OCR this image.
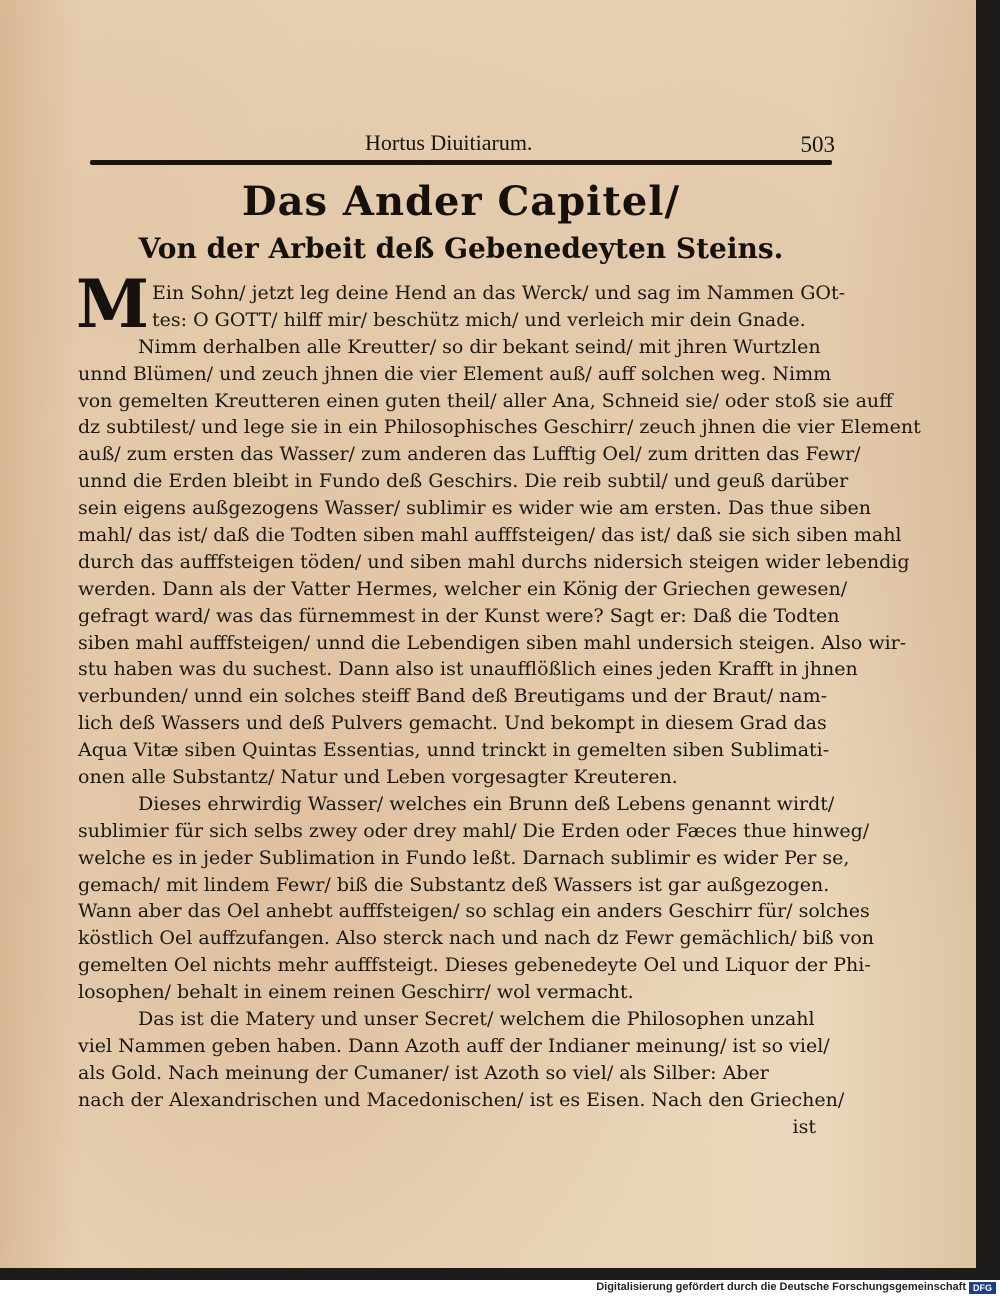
Hortus Diuitiarum.	503
Das Ander Capitel/
Von der Arbeit deß Gebenedeyten Steins.
M Ein Sohn/ jetzt leg deine Hend an das Werck/ und sag im Nammen GOt-
tes: O GOTT/ hilff mir/ beschütz mich/ und verleich mir dein Gnade.
Nimm derhalben alle Kreutter/ so dir bekant seind/ mit jhren Wurtzlen
unnd Blümen/ und zeuch jhnen die vier Element auß/ auff solchen weg. Nimm
von gemelten Kreutteren einen guten theil/ aller Ana, Schneid sie/ oder stoß sie auff
dz subtilest/ und lege sie in ein Philosophisches Geschirr/ zeuch jhnen die vier Element
auß/ zum ersten das Wasser/ zum anderen das Lufftig Oel/ zum dritten das Fewr/
unnd die Erden bleibt in Fundo deß Geschirs. Die reib subtil/ und geuß darüber
sein eigens außgezogens Wasser/ sublimir es wider wie am ersten. Das thue siben
mahl/ das ist/ daß die Todten siben mahl aufffsteigen/ das ist/ daß sie sich siben mahl
durch das aufffsteigen töden/ und siben mahl durchs nidersich steigen wider lebendig
werden. Dann als der Vatter Hermes, welcher ein König der Griechen gewesen/
gefragt ward/ was das fürnemmest in der Kunst were? Sagt er: Daß die Todten
siben mahl aufffsteigen/ unnd die Lebendigen siben mahl undersich steigen. Also wir-
stu haben was du suchest. Dann also ist unaufflößlich eines jeden Krafft in jhnen
verbunden/ unnd ein solches steiff Band deß Breutigams und der Braut/ nam-
lich deß Wassers und deß Pulvers gemacht. Und bekompt in diesem Grad das
Aqua Vitæ siben Quintas Essentias, unnd trinckt in gemelten siben Sublimati-
onen alle Substantz/ Natur und Leben vorgesagter Kreuteren.
Dieses ehrwirdig Wasser/ welches ein Brunn deß Lebens genannt wirdt/
sublimier für sich selbs zwey oder drey mahl/ Die Erden oder Fæces thue hinweg/
welche es in jeder Sublimation in Fundo leßt. Darnach sublimir es wider Per se,
gemach/ mit lindem Fewr/ biß die Substantz deß Wassers ist gar außgezogen.
Wann aber das Oel anhebt aufffsteigen/ so schlag ein anders Geschirr für/ solches
köstlich Oel auffzufangen. Also sterck nach und nach dz Fewr gemächlich/ biß von
gemelten Oel nichts mehr aufffsteigt. Dieses gebenedeyte Oel und Liquor der Phi-
losophen/ behalt in einem reinen Geschirr/ wol vermacht.
Das ist die Matery und unser Secret/ welchem die Philosophen unzahl
viel Nammen geben haben. Dann Azoth auff der Indianer meinung/ ist so viel/
als Gold. Nach meinung der Cumaner/ ist Azoth so viel/ als Silber: Aber
nach der Alexandrischen und Macedonischen/ ist es Eisen. Nach den Griechen/
ist
Digitalisierung gefördert durch die Deutsche Forschungsgemeinschaft DFG
